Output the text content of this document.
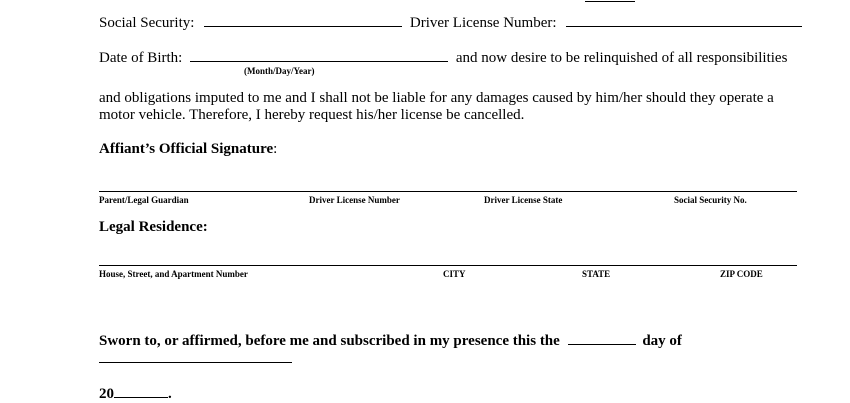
Social Security:	Driver License Number:
Date of Birth:	and now desire to be relinquished of all responsibilities
(Month/Day/Year)
and obligations imputed to me and I shall not be liable for any damages caused by him/her should they operate a
motor vehicle. Therefore, I hereby request his/her license be cancelled.
Affiant’s Official Signature:
Parent/Legal Guardian	Driver License Number	Driver License State	Social Security No.
Legal Residence:
House, Street, and Apartment Number	CITY	STATE	ZIP CODE
Sworn to, or affirmed, before me and subscribed in my presence this the	day of
20	.
